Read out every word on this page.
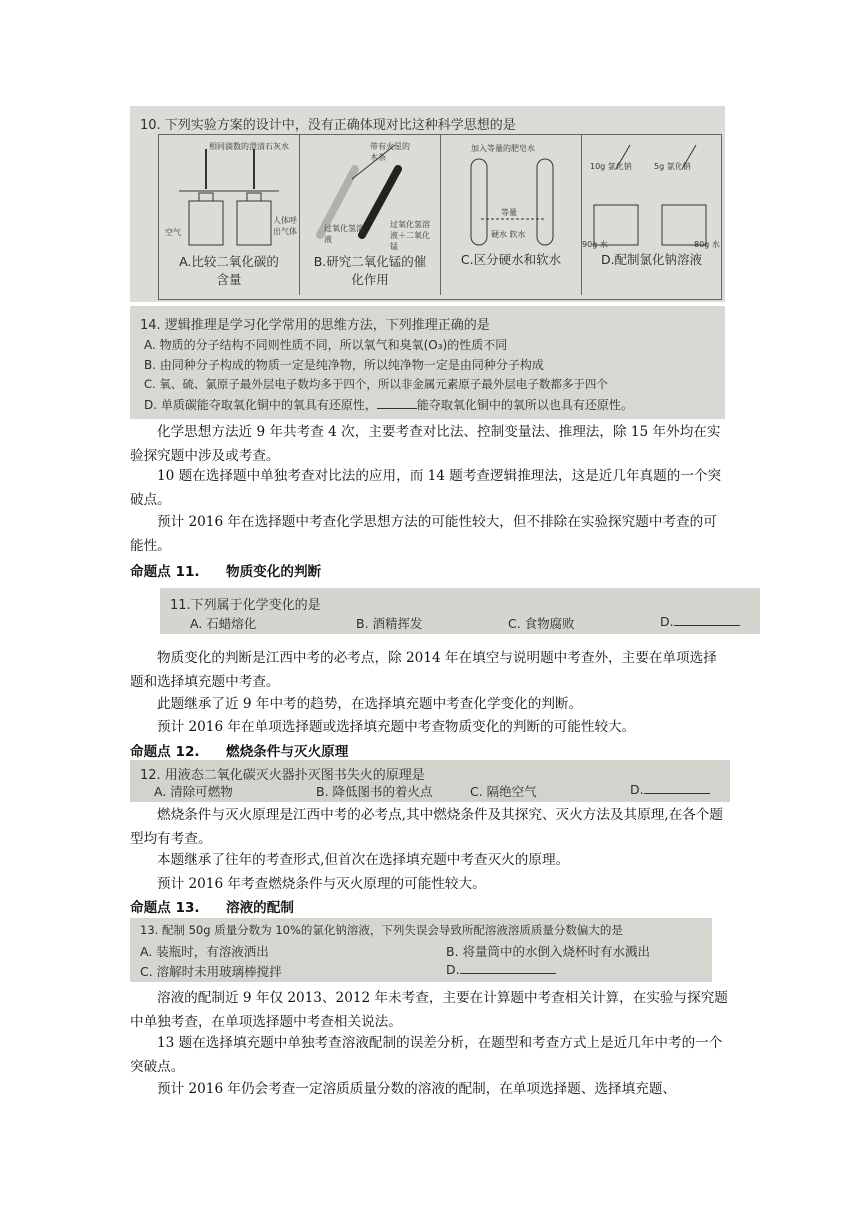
10. 下列实验方案的设计中，没有正确体现对比这种科学思想的是
相同滴数的澄清石灰水
空气
人体呼出气体
A.比较二氧化碳的含量
带有火星的木条
过氧化氢溶液
过氧化氢溶液＋二氧化锰
B.研究二氧化锰的催化作用
加入等量的肥皂水
等量
硬水 软水
C.区分硬水和软水
10g 氯化钠	5g 氯化钠
90g 水	80g 水
D.配制氯化钠溶液
14. 逻辑推理是学习化学常用的思维方法，下列推理正确的是
A. 物质的分子结构不同则性质不同，所以氧气和臭氧(O₃)的性质不同
B. 由同种分子构成的物质一定是纯净物，所以纯净物一定是由同种分子构成
C. 氧、硫、氯原子最外层电子数均多于四个，所以非金属元素原子最外层电子数都多于四个
D. 单质碳能夺取氧化铜中的氧具有还原性，	能夺取氧化铜中的氧所以也具有还原性。
化学思想方法近 9 年共考查 4 次，主要考查对比法、控制变量法、推理法，除 15 年外均在实验探究题中涉及或考查。
10 题在选择题中单独考查对比法的应用，而 14 题考查逻辑推理法，这是近几年真题的一个突破点。
预计 2016 年在选择题中考查化学思想方法的可能性较大，但不排除在实验探究题中考查的可能性。
命题点 11. 物质变化的判断
11.下列属于化学变化的是
A. 石蜡熔化	B. 酒精挥发	C. 食物腐败	D.
物质变化的判断是江西中考的必考点，除 2014 年在填空与说明题中考查外，主要在单项选择题和选择填充题中考查。
此题继承了近 9 年中考的趋势，在选择填充题中考查化学变化的判断。
预计 2016 年在单项选择题或选择填充题中考查物质变化的判断的可能性较大。
命题点 12. 燃烧条件与灭火原理
12. 用液态二氧化碳灭火器扑灭图书失火的原理是
A. 清除可燃物	B. 降低图书的着火点	C. 隔绝空气	D.
燃烧条件与灭火原理是江西中考的必考点,其中燃烧条件及其探究、灭火方法及其原理,在各个题型均有考查。
本题继承了往年的考查形式,但首次在选择填充题中考查灭火的原理。
预计 2016 年考查燃烧条件与灭火原理的可能性较大。
命题点 13. 溶液的配制
13. 配制 50g 质量分数为 10%的氯化钠溶液，下列失误会导致所配溶液溶质质量分数偏大的是
A. 装瓶时，有溶液洒出	B. 将量筒中的水倒入烧杯时有水溅出
C. 溶解时未用玻璃棒搅拌	D.
溶液的配制近 9 年仅 2013、2012 年未考查，主要在计算题中考查相关计算，在实验与探究题中单独考查，在单项选择题中考查相关说法。
13 题在选择填充题中单独考查溶液配制的误差分析，在题型和考查方式上是近几年中考的一个突破点。
预计 2016 年仍会考查一定溶质质量分数的溶液的配制，在单项选择题、选择填充题、
